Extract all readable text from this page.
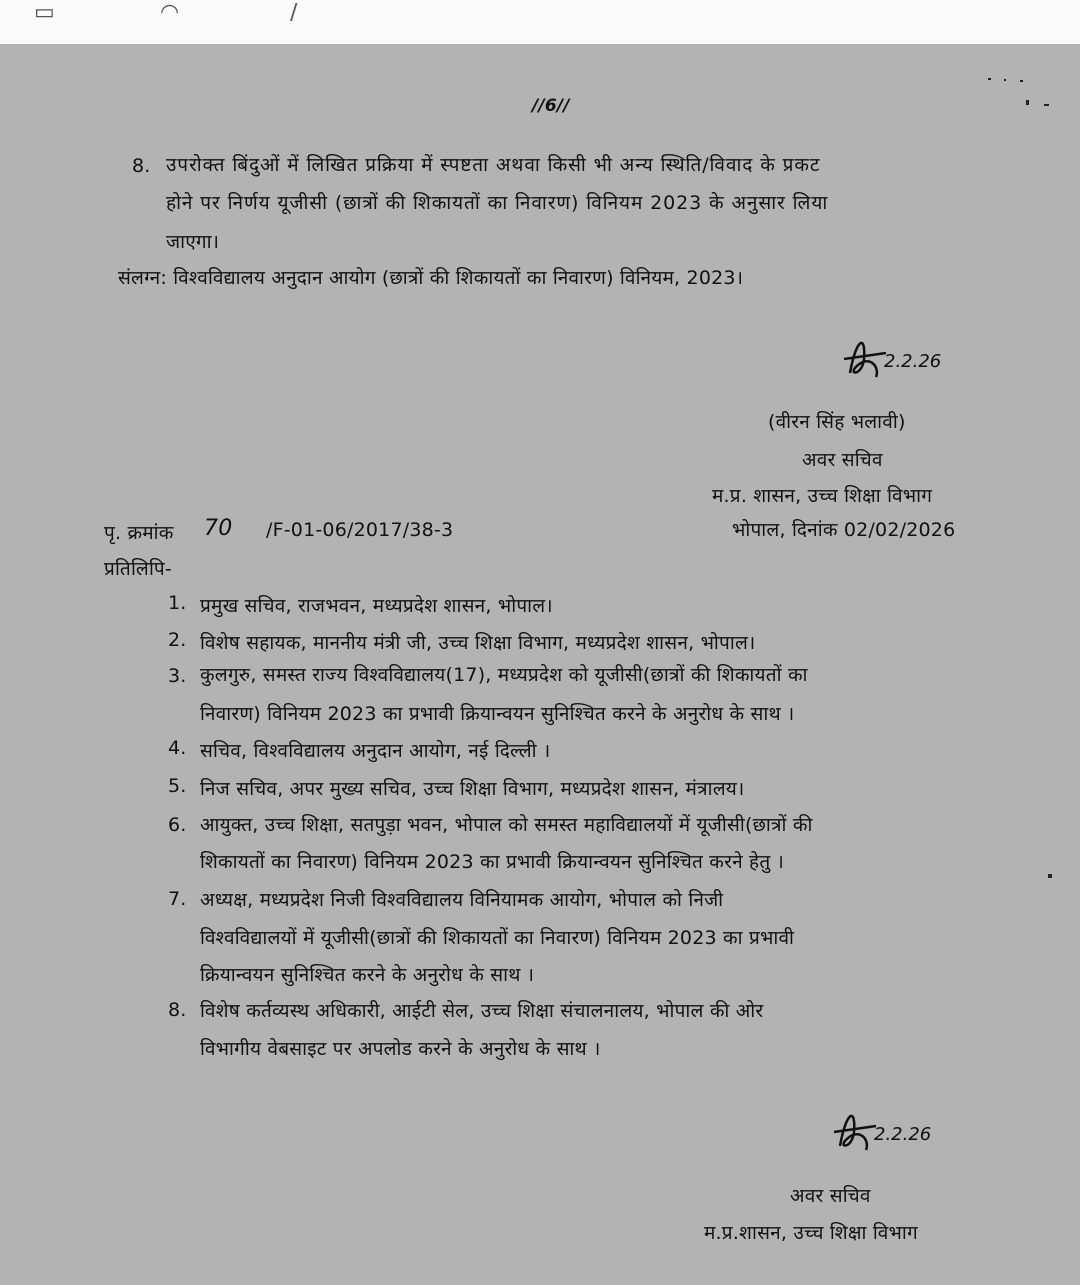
▭	◠	∕
//6//
8. उपरोक्त बिंदुओं में लिखित प्रक्रिया में स्पष्टता अथवा किसी भी अन्य स्थिति/विवाद के प्रकट
होने पर निर्णय यूजीसी (छात्रों की शिकायतों का निवारण) विनियम 2023 के अनुसार लिया
जाएगा।
संलग्न: विश्वविद्यालय अनुदान आयोग (छात्रों की शिकायतों का निवारण) विनियम, 2023।
2.2.26
(वीरन सिंह भलावी)
अवर सचिव
म.प्र. शासन, उच्च शिक्षा विभाग
पृ. क्रमांक 70 /F-01-06/2017/38-3	भोपाल, दिनांक 02/02/2026
प्रतिलिपि-
1. प्रमुख सचिव, राजभवन, मध्यप्रदेश शासन, भोपाल।
2. विशेष सहायक, माननीय मंत्री जी, उच्च शिक्षा विभाग, मध्यप्रदेश शासन, भोपाल।
3. कुलगुरु, समस्त राज्य विश्वविद्यालय(17), मध्यप्रदेश को यूजीसी(छात्रों की शिकायतों का
निवारण) विनियम 2023 का प्रभावी क्रियान्वयन सुनिश्चित करने के अनुरोध के साथ ।
4. सचिव, विश्वविद्यालय अनुदान आयोग, नई दिल्ली ।
5. निज सचिव, अपर मुख्य सचिव, उच्च शिक्षा विभाग, मध्यप्रदेश शासन, मंत्रालय।
6. आयुक्त, उच्च शिक्षा, सतपुड़ा भवन, भोपाल को समस्त महाविद्यालयों में यूजीसी(छात्रों की
शिकायतों का निवारण) विनियम 2023 का प्रभावी क्रियान्वयन सुनिश्चित करने हेतु ।
7. अध्यक्ष, मध्यप्रदेश निजी विश्वविद्यालय विनियामक आयोग, भोपाल को निजी
विश्वविद्यालयों में यूजीसी(छात्रों की शिकायतों का निवारण) विनियम 2023 का प्रभावी
क्रियान्वयन सुनिश्चित करने के अनुरोध के साथ ।
8. विशेष कर्तव्यस्थ अधिकारी, आईटी सेल, उच्च शिक्षा संचालनालय, भोपाल की ओर
विभागीय वेबसाइट पर अपलोड करने के अनुरोध के साथ ।
2.2.26
अवर सचिव
म.प्र.शासन, उच्च शिक्षा विभाग
